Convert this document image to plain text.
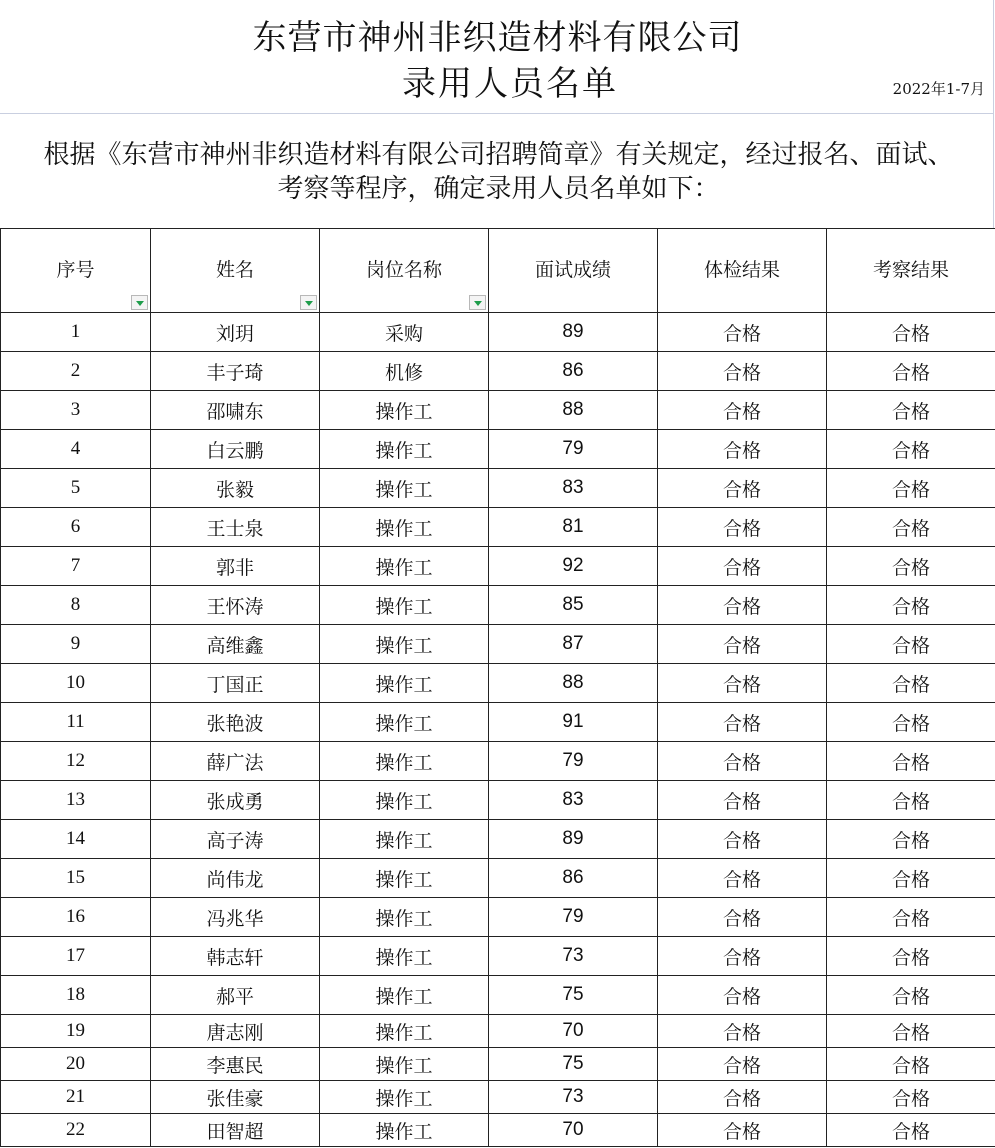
东营市神州非织造材料有限公司
录用人员名单	2022年1-7月
根据《东营市神州非织造材料有限公司招聘简章》有关规定，经过报名、面试、
考察等程序，确定录用人员名单如下：
序号	姓名	岗位名称	面试成绩	体检结果	考察结果
1	刘玥	采购	89	合格	合格
2	丰子琦	机修	86	合格	合格
3	邵啸东	操作工	88	合格	合格
4	白云鹏	操作工	79	合格	合格
5	张毅	操作工	83	合格	合格
6	王士泉	操作工	81	合格	合格
7	郭非	操作工	92	合格	合格
8	王怀涛	操作工	85	合格	合格
9	高维鑫	操作工	87	合格	合格
10	丁国正	操作工	88	合格	合格
11	张艳波	操作工	91	合格	合格
12	薛广法	操作工	79	合格	合格
13	张成勇	操作工	83	合格	合格
14	高子涛	操作工	89	合格	合格
15	尚伟龙	操作工	86	合格	合格
16	冯兆华	操作工	79	合格	合格
17	韩志轩	操作工	73	合格	合格
18	郝平	操作工	75	合格	合格
19	唐志刚	操作工	70	合格	合格
20	李惠民	操作工	75	合格	合格
21	张佳豪	操作工	73	合格	合格
22	田智超	操作工	70	合格	合格
